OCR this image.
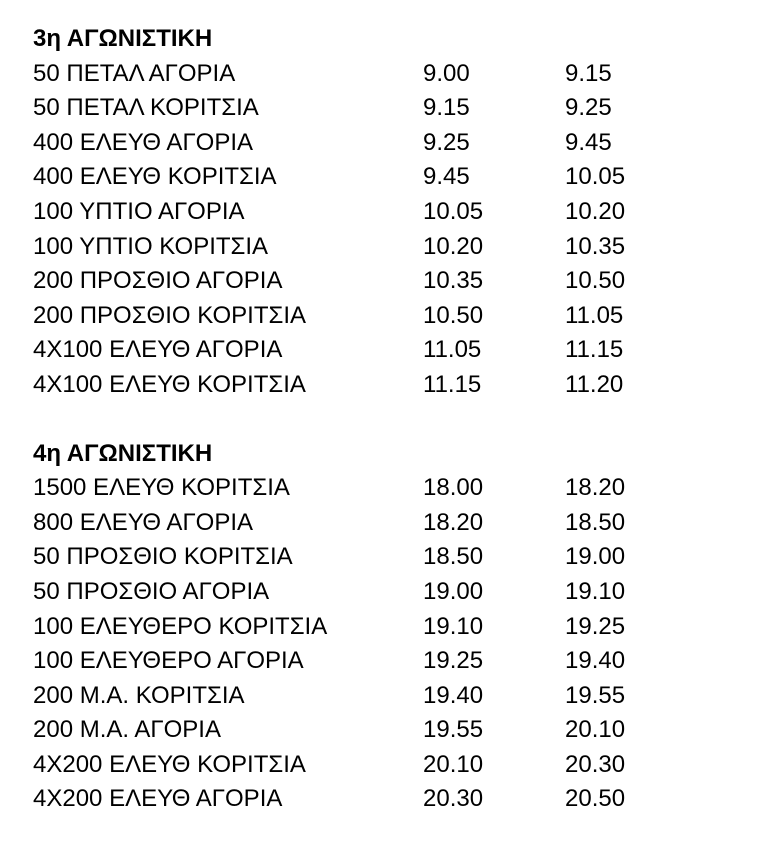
3η ΑΓΩΝΙΣΤΙΚΗ
50 ΠΕΤΑΛ ΑΓΟΡΙΑ	9.00	9.15
50 ΠΕΤΑΛ ΚΟΡΙΤΣΙΑ	9.15	9.25
400 ΕΛΕΥΘ ΑΓΟΡΙΑ	9.25	9.45
400 ΕΛΕΥΘ ΚΟΡΙΤΣΙΑ	9.45	10.05
100 ΥΠΤΙΟ ΑΓΟΡΙΑ	10.05	10.20
100 ΥΠΤΙΟ ΚΟΡΙΤΣΙΑ	10.20	10.35
200 ΠΡΟΣΘΙΟ ΑΓΟΡΙΑ	10.35	10.50
200 ΠΡΟΣΘΙΟ ΚΟΡΙΤΣΙΑ	10.50	11.05
4Χ100 ΕΛΕΥΘ ΑΓΟΡΙΑ	11.05	11.15
4Χ100 ΕΛΕΥΘ ΚΟΡΙΤΣΙΑ	11.15	11.20
4η ΑΓΩΝΙΣΤΙΚΗ
1500 ΕΛΕΥΘ ΚΟΡΙΤΣΙΑ	18.00	18.20
800 ΕΛΕΥΘ ΑΓΟΡΙΑ	18.20	18.50
50 ΠΡΟΣΘΙΟ ΚΟΡΙΤΣΙΑ	18.50	19.00
50 ΠΡΟΣΘΙΟ ΑΓΟΡΙΑ	19.00	19.10
100 ΕΛΕΥΘΕΡΟ ΚΟΡΙΤΣΙΑ	19.10	19.25
100 ΕΛΕΥΘΕΡΟ ΑΓΟΡΙΑ	19.25	19.40
200 Μ.Α. ΚΟΡΙΤΣΙΑ	19.40	19.55
200 Μ.Α. ΑΓΟΡΙΑ	19.55	20.10
4Χ200 ΕΛΕΥΘ ΚΟΡΙΤΣΙΑ	20.10	20.30
4Χ200 ΕΛΕΥΘ ΑΓΟΡΙΑ	20.30	20.50
